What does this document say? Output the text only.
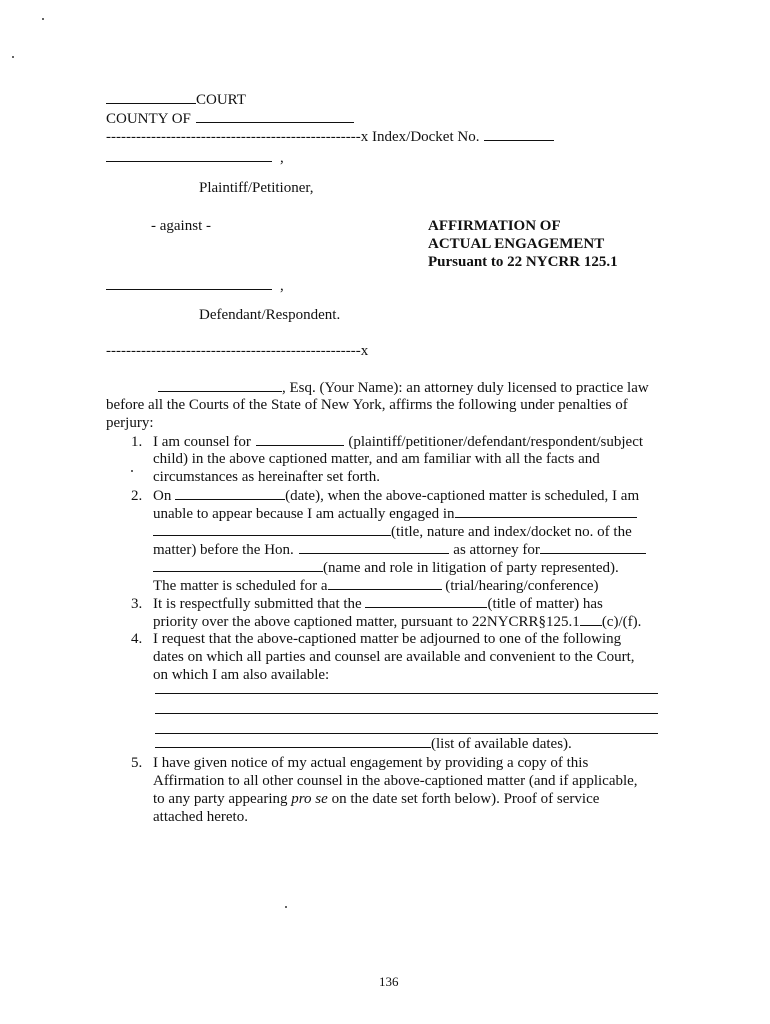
COURT
COUNTY OF
---------------------------------------------------x Index/Docket No.
,
Plaintiff/Petitioner,
- against -	AFFIRMATION OF
ACTUAL ENGAGEMENT
Pursuant to 22 NYCRR 125.1
,
Defendant/Respondent.
---------------------------------------------------x
, Esq. (Your Name): an attorney duly licensed to practice law
before all the Courts of the State of New York, affirms the following under penalties of
perjury:
1. I am counsel for	(plaintiff/petitioner/defendant/respondent/subject
child) in the above captioned matter, and am familiar with all the facts and
circumstances as hereinafter set forth.
2. On	(date), when the above-captioned matter is scheduled, I am
unable to appear because I am actually engaged in
(title, nature and index/docket no. of the
matter) before the Hon.	as attorney for
(name and role in litigation of party represented).
The matter is scheduled for a	(trial/hearing/conference)
3. It is respectfully submitted that the	(title of matter) has
priority over the above captioned matter, pursuant to 22NYCRR§125.1 (c)/(f).
4. I request that the above-captioned matter be adjourned to one of the following
dates on which all parties and counsel are available and convenient to the Court,
on which I am also available:
(list of available dates).
5. I have given notice of my actual engagement by providing a copy of this
Affirmation to all other counsel in the above-captioned matter (and if applicable,
to any party appearing pro se on the date set forth below). Proof of service
attached hereto.
136
